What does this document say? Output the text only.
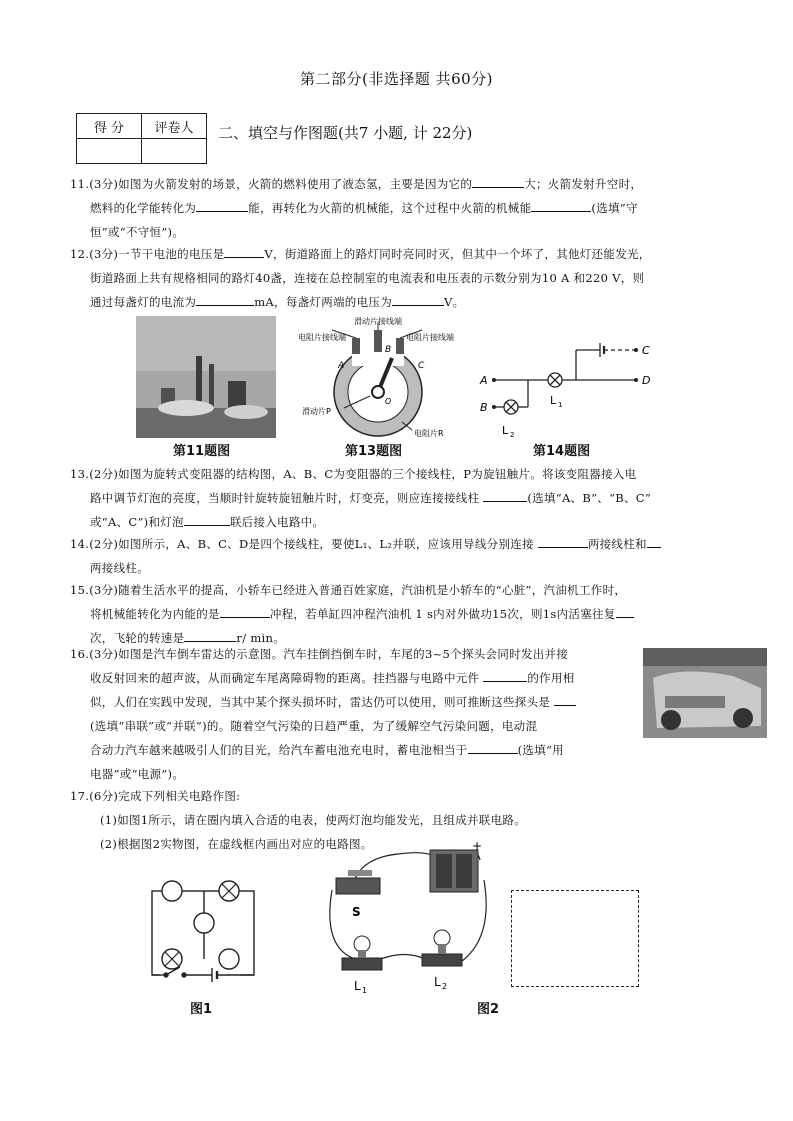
第二部分(非选择题 共60分)
得 分	评卷人
	二、填空与作图题(共7 小题, 计 22分)
11.(3分)如图为火箭发射的场景，火箭的燃料使用了液态氢，主要是因为它的	大；火箭发射升空时，
燃料的化学能转化为	能，再转化为火箭的机械能，这个过程中火箭的机械能	(选填“守
恒”或“不守恒”)。
12.(3分)一节干电池的电压是	V，街道路面上的路灯同时亮同时灭，但其中一个坏了，其他灯还能发光，
街道路面上共有规格相同的路灯40盏，连接在总控制室的电流表和电压表的示数分别为10 A 和220 V，则
通过每盏灯的电流为	mA，每盏灯两端的电压为	V。
第11题图
滑动片接线端
电阻片接线端	电阻片接线端
A
B
C
O
滑动片P
电阻片R
第13题图
A
B
C
D
L 1
L 2
第14题图
13.(2分)如图为旋转式变阻器的结构图，A、B、C为变阻器的三个接线柱，P为旋钮触片。将该变阻器接入电
路中调节灯泡的亮度，当顺时针旋转旋钮触片时，灯变亮，则应连接接线柱	(选填“A、B”、“B、C”
或“A、C”)和灯泡	联后接入电路中。
14.(2分)如图所示，A、B、C、D是四个接线柱，要使L₁、L₂并联，应该用导线分别连接	两接线柱和
两接线柱。
15.(3分)随着生活水平的提高，小轿车已经进入普通百姓家庭，汽油机是小轿车的“心脏”，汽油机工作时，
将机械能转化为内能的是	冲程，若单缸四冲程汽油机 1 s内对外做功15次，则1s内活塞往复
次，飞轮的转速是	r/ min。
16.(3分)如图是汽车倒车雷达的示意图。汽车挂倒挡倒车时，车尾的3~5个探头会同时发出并接
收反射回来的超声波，从而确定车尾离障碍物的距离。挂挡器与电路中元件	的作用相
似，人们在实践中发现，当其中某个探头损坏时，雷达仍可以使用，则可推断这些探头是
(选填“串联”或“并联”)的。随着空气污染的日趋严重，为了缓解空气污染问题，电动混
合动力汽车越来越吸引人们的目光，给汽车蓄电池充电时，蓄电池相当于	(选填“用
电器”或“电源”)。
17.(6分)完成下列相关电路作图:
(1)如图1所示，请在圈内填入合适的电表，使两灯泡均能发光，且组成并联电路。
(2)根据图2实物图，在虚线框内画出对应的电路图。
图1
S
+
L 1
L 2
图2
